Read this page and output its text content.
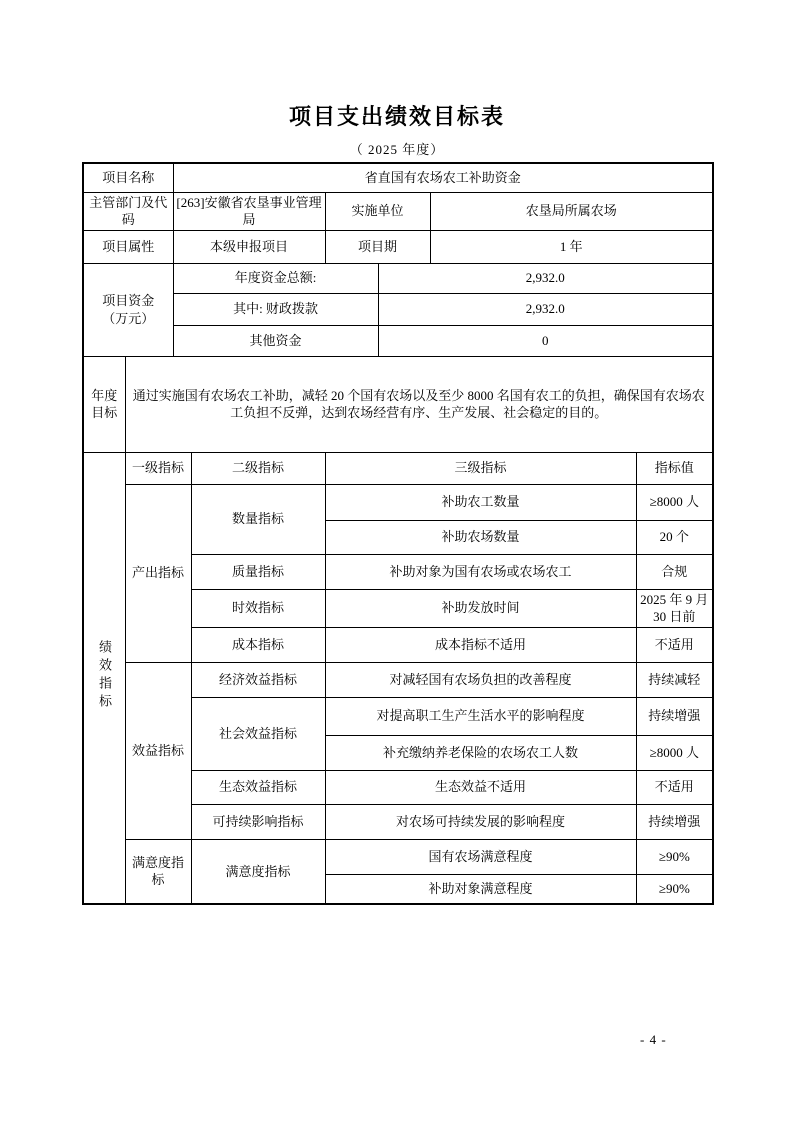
项目支出绩效目标表
（ 2025 年度）
项目名称		省直国有农场农工补助资金					
主管部门及代码		[263]安徽省农垦事业管理局		实施单位		农垦局所属农场	
项目属性		本级申报项目		项目期		1 年	

项目资金
（万元）		年度资金总额:			2,932.0		
		其中: 财政拨款			2,932.0		
		其他资金			0		
年度目标	通过实施国有农场农工补助，减轻 20 个国有农场以及至少 8000 名国有农工的负担，确保国有农场农工负担不反弹，达到农场经营有序、生产发展、社会稳定的目的。						
绩效指标	一级指标		二级指标	三级指标			指标值
	产出指标		数量指标	补助农工数量			≥8000 人
				补助农场数量			20 个
			质量指标	补助对象为国有农场或农场农工			合规
			时效指标	补助发放时间			2025 年 9 月 30 日前
			成本指标	成本指标不适用			不适用
	效益指标		经济效益指标	对减轻国有农场负担的改善程度			持续减轻
			社会效益指标	对提高职工生产生活水平的影响程度			持续增强
				补充缴纳养老保险的农场农工人数			≥8000 人
			生态效益指标	生态效益不适用			不适用
			可持续影响指标	对农场可持续发展的影响程度			持续增强
	满意度指标		满意度指标	国有农场满意程度			≥90%
				补助对象满意程度			≥90%
- 4 -
